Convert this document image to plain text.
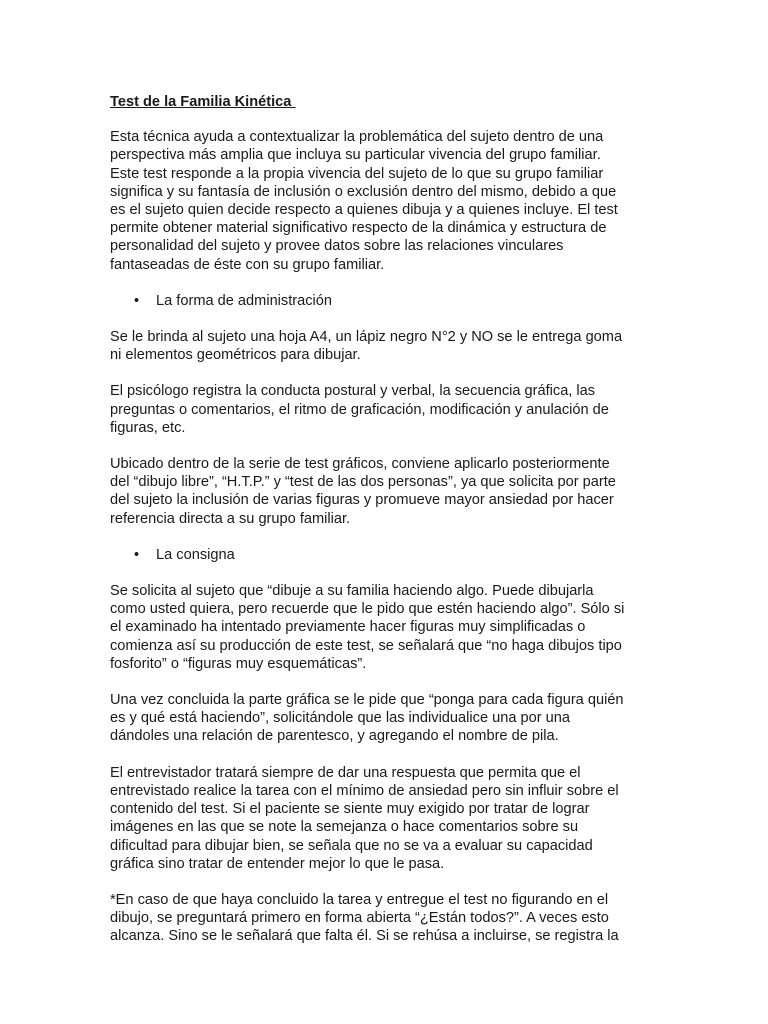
Test de la Familia Kinética
Esta técnica ayuda a contextualizar la problemática del sujeto dentro de una
perspectiva más amplia que incluya su particular vivencia del grupo familiar.
Este test responde a la propia vivencia del sujeto de lo que su grupo familiar
significa y su fantasía de inclusión o exclusión dentro del mismo, debido a que
es el sujeto quien decide respecto a quienes dibuja y a quienes incluye. El test
permite obtener material significativo respecto de la dinámica y estructura de
personalidad del sujeto y provee datos sobre las relaciones vinculares
fantaseadas de éste con su grupo familiar.
• La forma de administración
Se le brinda al sujeto una hoja A4, un lápiz negro N°2 y NO se le entrega goma
ni elementos geométricos para dibujar.
El psicólogo registra la conducta postural y verbal, la secuencia gráfica, las
preguntas o comentarios, el ritmo de graficación, modificación y anulación de
figuras, etc.
Ubicado dentro de la serie de test gráficos, conviene aplicarlo posteriormente
del “dibujo libre”, “H.T.P.” y “test de las dos personas”, ya que solicita por parte
del sujeto la inclusión de varias figuras y promueve mayor ansiedad por hacer
referencia directa a su grupo familiar.
• La consigna
Se solicita al sujeto que “dibuje a su familia haciendo algo. Puede dibujarla
como usted quiera, pero recuerde que le pido que estén haciendo algo”. Sólo si
el examinado ha intentado previamente hacer figuras muy simplificadas o
comienza así su producción de este test, se señalará que “no haga dibujos tipo
fosforito” o “figuras muy esquemáticas”.
Una vez concluida la parte gráfica se le pide que “ponga para cada figura quién
es y qué está haciendo”, solicitándole que las individualice una por una
dándoles una relación de parentesco, y agregando el nombre de pila.
El entrevistador tratará siempre de dar una respuesta que permita que el
entrevistado realice la tarea con el mínimo de ansiedad pero sin influir sobre el
contenido del test. Si el paciente se siente muy exigido por tratar de lograr
imágenes en las que se note la semejanza o hace comentarios sobre su
dificultad para dibujar bien, se señala que no se va a evaluar su capacidad
gráfica sino tratar de entender mejor lo que le pasa.
*En caso de que haya concluido la tarea y entregue el test no figurando en el
dibujo, se preguntará primero en forma abierta “¿Están todos?”. A veces esto
alcanza. Sino se le señalará que falta él. Si se rehúsa a incluirse, se registra la
